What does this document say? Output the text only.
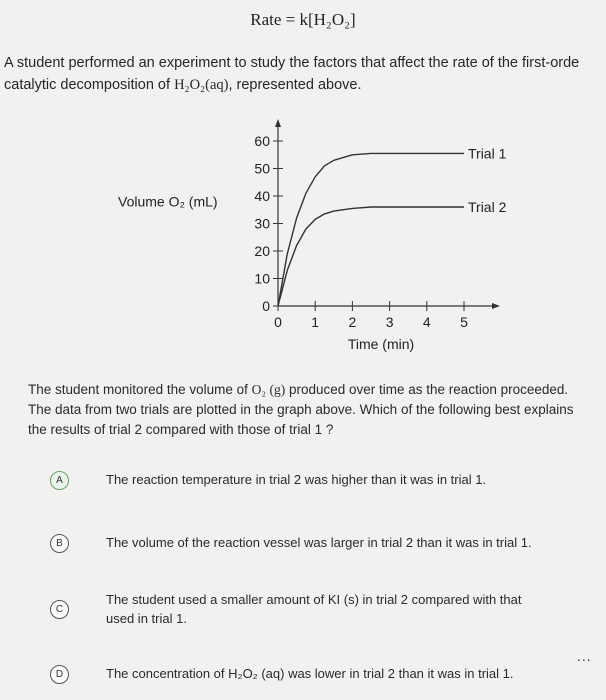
Rate = k[H₂O₂]
A student performed an experiment to study the factors that affect the rate of the first-orde
catalytic decomposition of H₂O₂(aq), represented above.
0
10
20
30
40
50
60
0 1 2 3 4 5
Time (min)
Volume O₂ (mL)
Trial 1
Trial 2
The student monitored the volume of O₂ (g) produced over time as the reaction proceeded.
The data from two trials are plotted in the graph above. Which of the following best explains
the results of trial 2 compared with those of trial 1 ?
A	The reaction temperature in trial 2 was higher than it was in trial 1.
B	The volume of the reaction vessel was larger in trial 2 than it was in trial 1.
C
The student used a smaller amount of KI (s) in trial 2 compared with that
used in trial 1.
D	The concentration of H₂O₂ (aq) was lower in trial 2 than it was in trial 1.
...
